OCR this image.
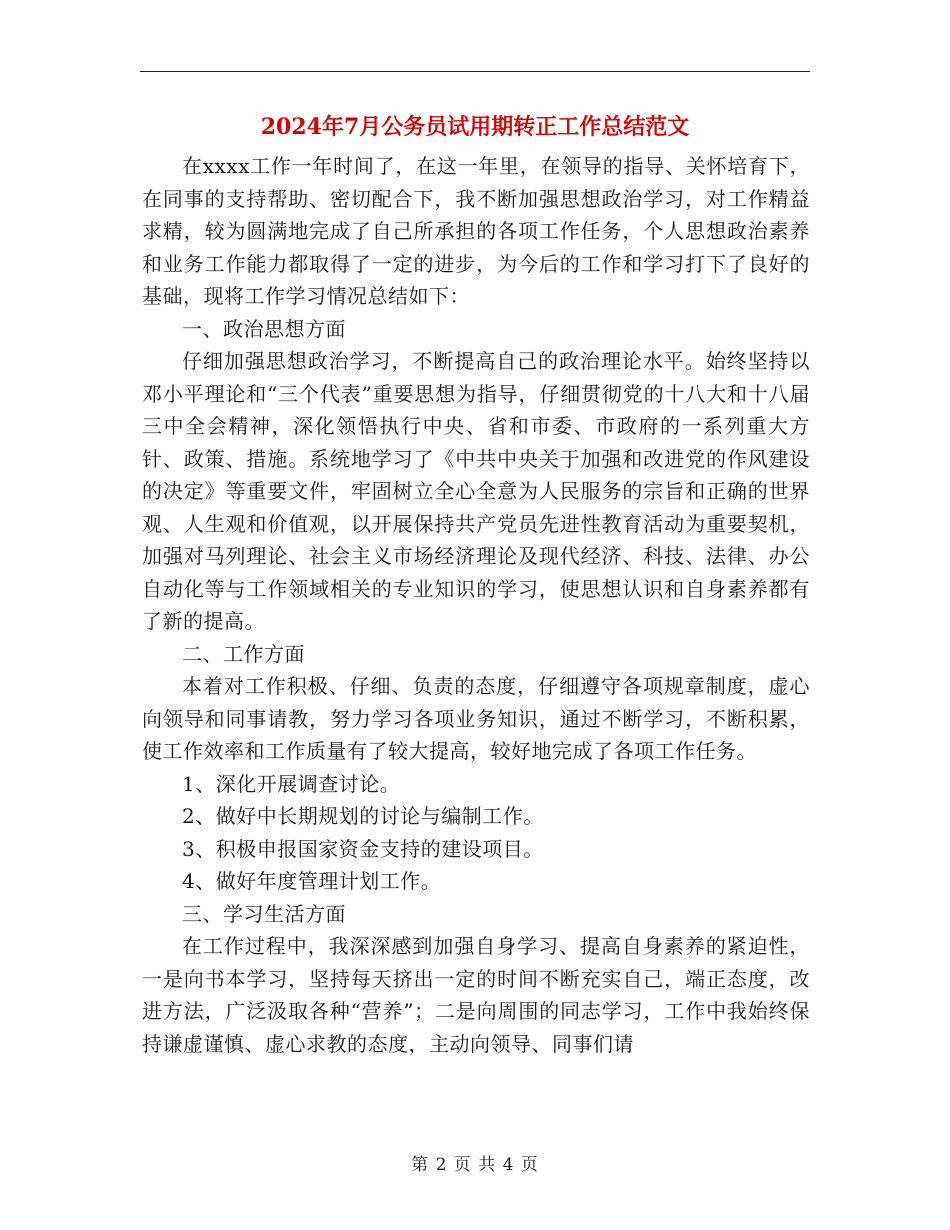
2024年7月公务员试用期转正工作总结范文

在xxxx工作一年时间了，在这一年里，在领导的指导、关怀培育下，在同事的支持帮助、密切配合下，我不断加强思想政治学习，对工作精益求精，较为圆满地完成了自己所承担的各项工作任务，个人思想政治素养和业务工作能力都取得了一定的进步，为今后的工作和学习打下了良好的基础，现将工作学习情况总结如下：

一、政治思想方面

仔细加强思想政治学习，不断提高自己的政治理论水平。始终坚持以邓小平理论和“三个代表”重要思想为指导，仔细贯彻党的十八大和十八届三中全会精神，深化领悟执行中央、省和市委、市政府的一系列重大方针、政策、措施。系统地学习了《中共中央关于加强和改进党的作风建设的决定》等重要文件，牢固树立全心全意为人民服务的宗旨和正确的世界观、人生观和价值观，以开展保持共产党员先进性教育活动为重要契机，加强对马列理论、社会主义市场经济理论及现代经济、科技、法律、办公自动化等与工作领域相关的专业知识的学习，使思想认识和自身素养都有了新的提高。

二、工作方面

本着对工作积极、仔细、负责的态度，仔细遵守各项规章制度，虚心向领导和同事请教，努力学习各项业务知识，通过不断学习，不断积累，使工作效率和工作质量有了较大提高，较好地完成了各项工作任务。

1、深化开展调查讨论。

2、做好中长期规划的讨论与编制工作。

3、积极申报国家资金支持的建设项目。

4、做好年度管理计划工作。

三、学习生活方面

在工作过程中，我深深感到加强自身学习、提高自身素养的紧迫性，一是向书本学习，坚持每天挤出一定的时间不断充实自己，端正态度，改进方法，广泛汲取各种“营养”；二是向周围的同志学习，工作中我始终保持谦虚谨慎、虚心求教的态度，主动向领导、同事们请

第 2 页 共 4 页
